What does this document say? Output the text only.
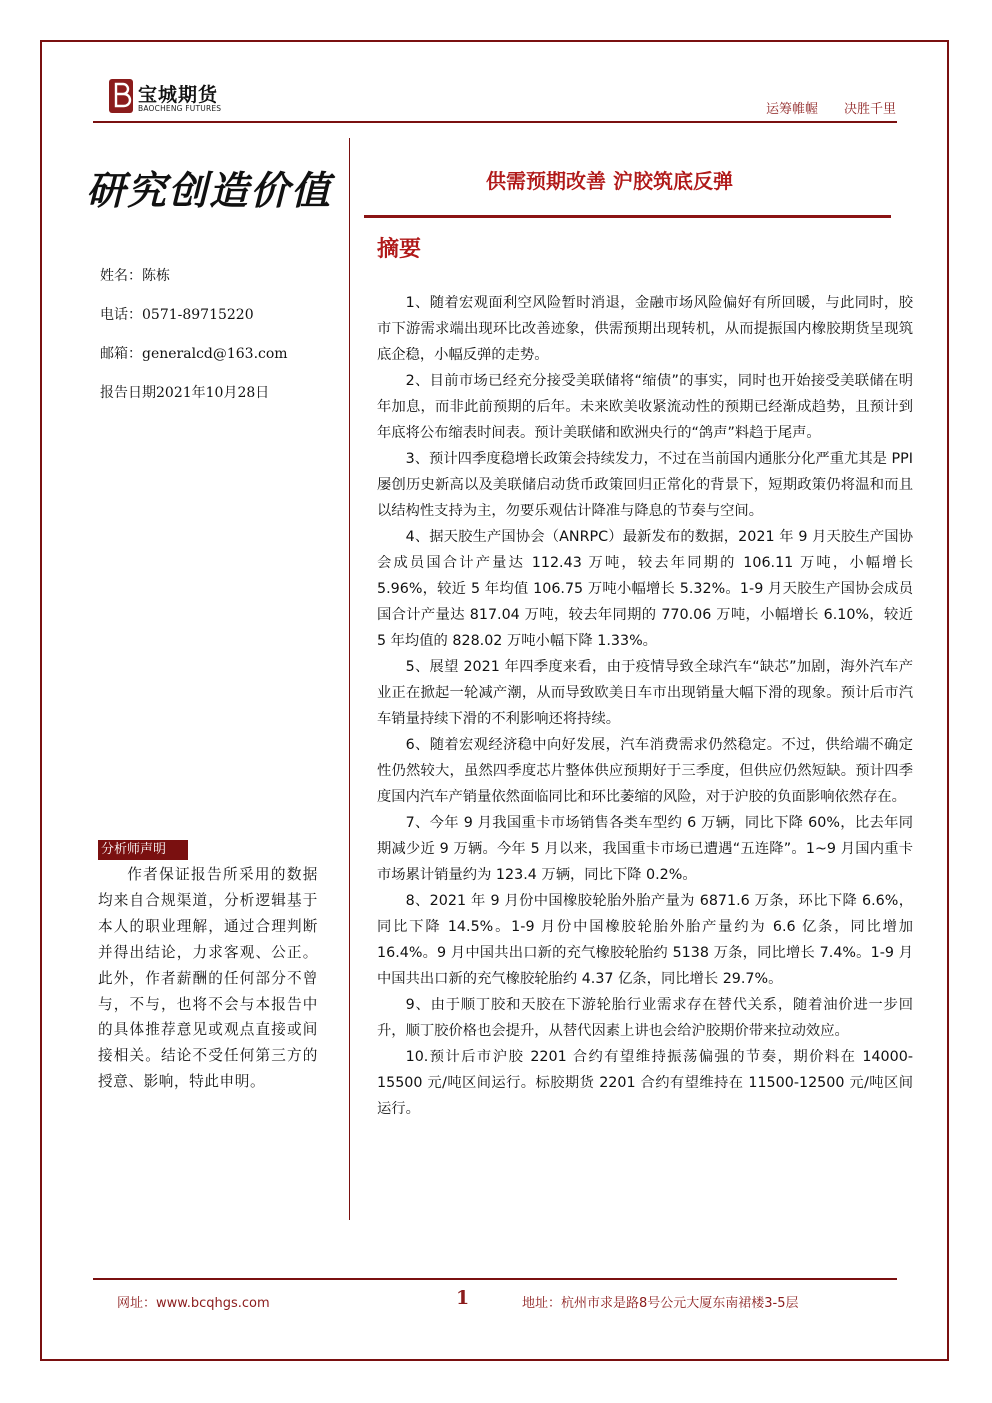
宝城期货
BAOCHENG FUTURES	运筹帷幄 决胜千里
研究创造价值	供需预期改善 沪胶筑底反弹
摘要
姓名：陈栋
电话：0571-89715220
邮箱：generalcd@163.com
报告日期2021年10月28日
分析师声明
作者保证报告所采用的数据均来自合规渠道，分析逻辑基于本人的职业理解，通过合理判断并得出结论，力求客观、公正。此外，作者薪酬的任何部分不曾与，不与，也将不会与本报告中的具体推荐意见或观点直接或间接相关。结论不受任何第三方的授意、影响，特此申明。

1、随着宏观面利空风险暂时消退，金融市场风险偏好有所回暖，与此同时，胶市下游需求端出现环比改善迹象，供需预期出现转机，从而提振国内橡胶期货呈现筑底企稳，小幅反弹的走势。

2、目前市场已经充分接受美联储将“缩债”的事实，同时也开始接受美联储在明年加息，而非此前预期的后年。未来欧美收紧流动性的预期已经渐成趋势，且预计到年底将公布缩表时间表。预计美联储和欧洲央行的“鸽声”料趋于尾声。

3、预计四季度稳增长政策会持续发力，不过在当前国内通胀分化严重尤其是 PPI 屡创历史新高以及美联储启动货币政策回归正常化的背景下，短期政策仍将温和而且以结构性支持为主，勿要乐观估计降准与降息的节奏与空间。

4、据天胶生产国协会（ANRPC）最新发布的数据，2021 年 9 月天胶生产国协会成员国合计产量达 112.43 万吨，较去年同期的 106.11 万吨，小幅增长 5.96%，较近 5 年均值 106.75 万吨小幅增长 5.32%。1-9 月天胶生产国协会成员国合计产量达 817.04 万吨，较去年同期的 770.06 万吨，小幅增长 6.10%，较近 5 年均值的 828.02 万吨小幅下降 1.33%。

5、展望 2021 年四季度来看，由于疫情导致全球汽车“缺芯”加剧，海外汽车产业正在掀起一轮减产潮，从而导致欧美日车市出现销量大幅下滑的现象。预计后市汽车销量持续下滑的不利影响还将持续。

6、随着宏观经济稳中向好发展，汽车消费需求仍然稳定。不过，供给端不确定性仍然较大，虽然四季度芯片整体供应预期好于三季度，但供应仍然短缺。预计四季度国内汽车产销量依然面临同比和环比萎缩的风险，对于沪胶的负面影响依然存在。

7、今年 9 月我国重卡市场销售各类车型约 6 万辆，同比下降 60%，比去年同期减少近 9 万辆。今年 5 月以来，我国重卡市场已遭遇“五连降”。1~9 月国内重卡市场累计销量约为 123.4 万辆，同比下降 0.2%。

8、2021 年 9 月份中国橡胶轮胎外胎产量为 6871.6 万条，环比下降 6.6%，同比下降 14.5%。1-9 月份中国橡胶轮胎外胎产量约为 6.6 亿条，同比增加 16.4%。9 月中国共出口新的充气橡胶轮胎约 5138 万条，同比增长 7.4%。1-9 月中国共出口新的充气橡胶轮胎约 4.37 亿条，同比增长 29.7%。

9、由于顺丁胶和天胶在下游轮胎行业需求存在替代关系，随着油价进一步回升，顺丁胶价格也会提升，从替代因素上讲也会给沪胶期价带来拉动效应。

10.预计后市沪胶 2201 合约有望维持振荡偏强的节奏，期价料在 14000-15500 元/吨区间运行。标胶期货 2201 合约有望维持在 11500-12500 元/吨区间运行。

网址：www.bcqhgs.com	1	地址：杭州市求是路8号公元大厦东南裙楼3-5层
